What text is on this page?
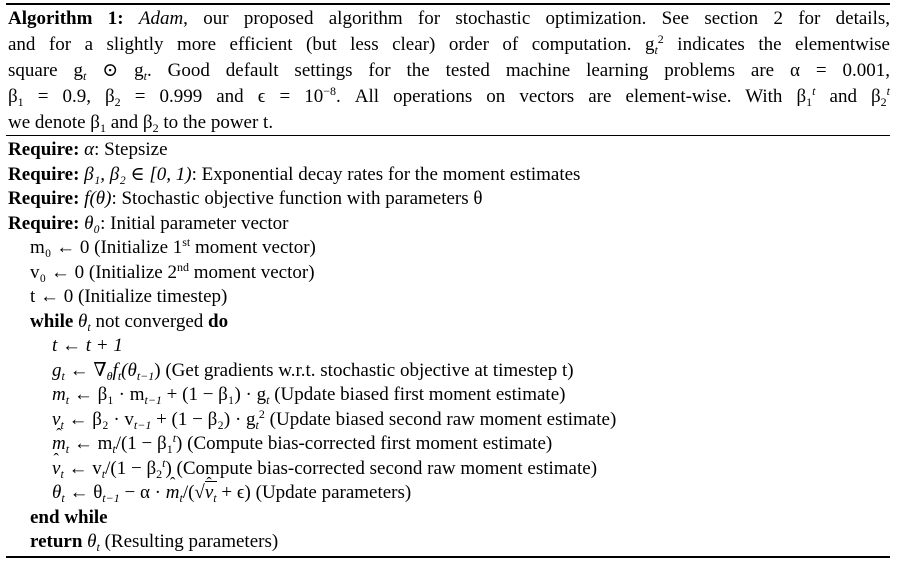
Algorithm 1: Adam, our proposed algorithm for stochastic optimization. See section 2 for details,
and for a slightly more efficient (but less clear) order of computation. $g_t^2$ indicates the elementwise
square $g_t$ ⊙ $g_t$. Good default settings for the tested machine learning problems are α = 0.001,
$\beta_1 = 0.9$, $\beta_2 = 0.999$ and $\epsilon = 10^{-8}$. All operations on vectors are element-wise. With $\beta_1^t$ and $\beta_2^t$
we denote $\beta_1$ and $\beta_2$ to the power t.
Require: α: Stepsize
Require: β₁, β₂ ∈ [0, 1): Exponential decay rates for the moment estimates
Require: f(θ): Stochastic objective function with parameters θ
Require: θ₀: Initial parameter vector
m₀ ← 0 (Initialize 1st moment vector)
v₀ ← 0 (Initialize 2nd moment vector)
t ← 0 (Initialize timestep)
while $\theta_t$ not converged do
t ← t + 1
$g_t$ ← $\nabla_\theta f_t(\theta_{t-1})$ (Get gradients w.r.t. stochastic objective at timestep t)
$m_t$ ← $\beta_1 \cdot m_{t-1} + (1 - \beta_1) \cdot g_t$ (Update biased first moment estimate)
$v_t$ ← $\beta_2 \cdot v_{t-1} + (1 - \beta_2) \cdot g_t^2$ (Update biased second raw moment estimate)
ˆ $m_t$ ← $m_t/(1 - \beta_1^t)$ (Compute bias-corrected first moment estimate)
ˆ $v_t$ ← $v_t/(1 - \beta_2^t)$ (Compute bias-corrected second raw moment estimate)
$\theta_t$ ← $\theta_{t-1} - \alpha$ · ˆ $m_t/(√ˆ$ $v_t + \epsilon$) (Update parameters)
end while
return $\theta_t$ (Resulting parameters)
